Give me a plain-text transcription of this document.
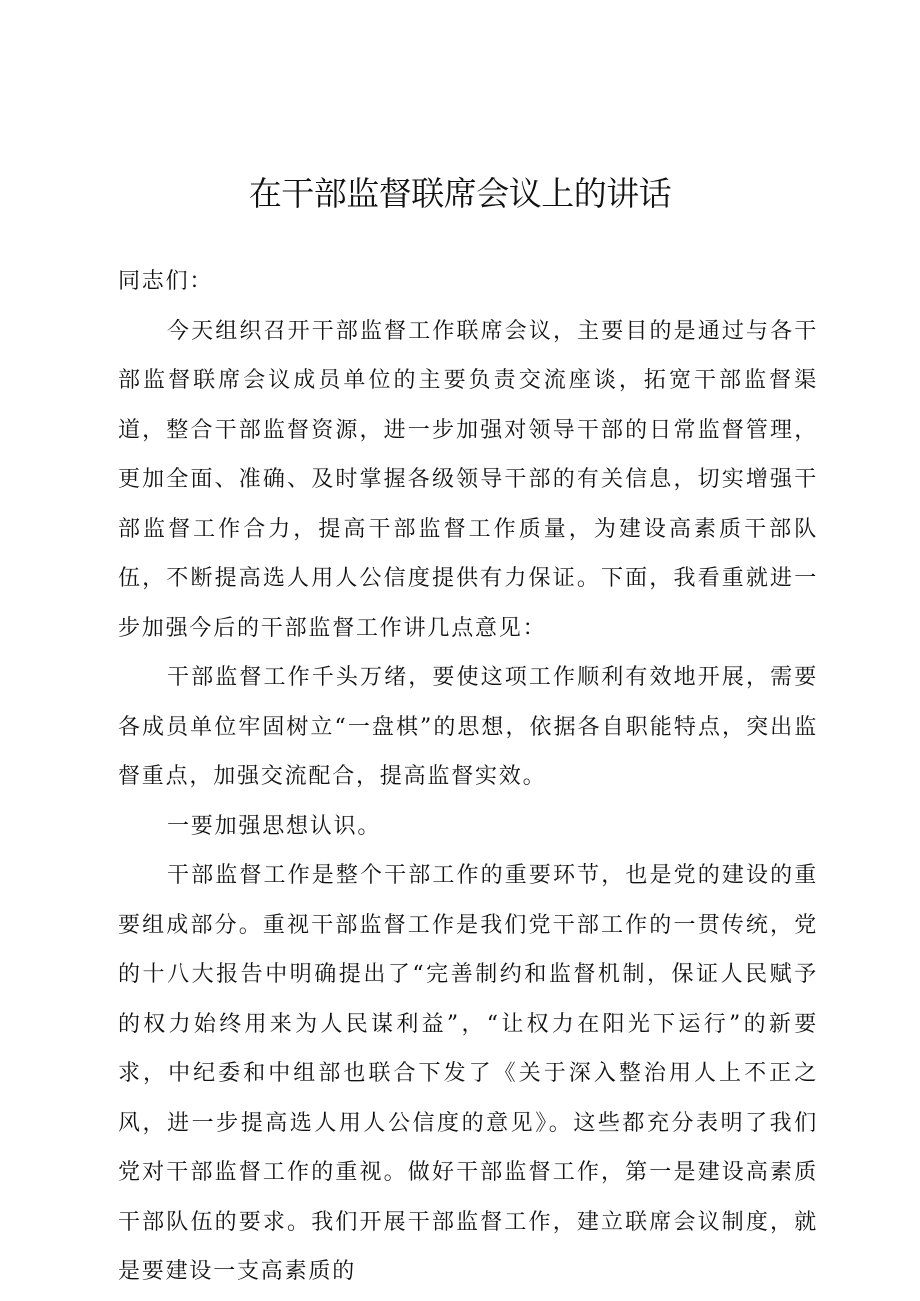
在干部监督联席会议上的讲话

同志们：

今天组织召开干部监督工作联席会议，主要目的是通过与各干部监督联席会议成员单位的主要负责交流座谈，拓宽干部监督渠道，整合干部监督资源，进一步加强对领导干部的日常监督管理，更加全面、准确、及时掌握各级领导干部的有关信息，切实增强干部监督工作合力，提高干部监督工作质量，为建设高素质干部队伍，不断提高选人用人公信度提供有力保证。下面，我看重就进一步加强今后的干部监督工作讲几点意见：

干部监督工作千头万绪，要使这项工作顺利有效地开展，需要各成员单位牢固树立“一盘棋”的思想，依据各自职能特点，突出监督重点，加强交流配合，提高监督实效。

一要加强思想认识。

干部监督工作是整个干部工作的重要环节，也是党的建设的重要组成部分。重视干部监督工作是我们党干部工作的一贯传统，党的十八大报告中明确提出了“完善制约和监督机制，保证人民赋予的权力始终用来为人民谋利益”，“让权力在阳光下运行”的新要求，中纪委和中组部也联合下发了《关于深入整治用人上不正之风，进一步提高选人用人公信度的意见》。这些都充分表明了我们党对干部监督工作的重视。做好干部监督工作，第一是建设高素质干部队伍的要求。我们开展干部监督工作，建立联席会议制度，就是要建设一支高素质的
